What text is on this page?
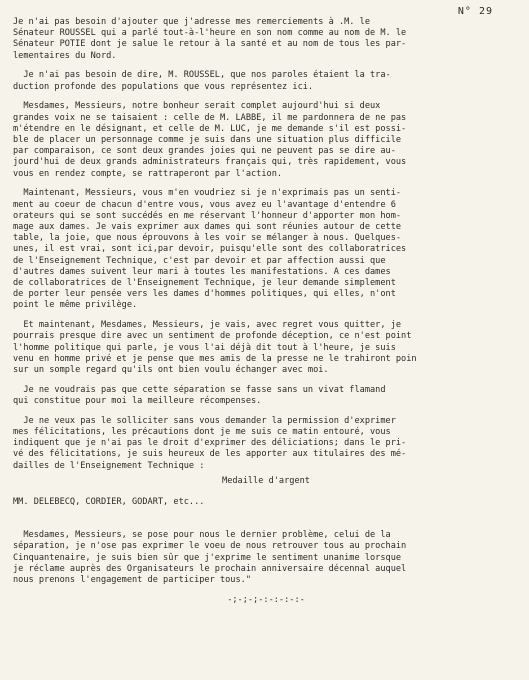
N° 29

Je n'ai pas besoin d'ajouter que j'adresse mes remerciements à .M. le
Sénateur ROUSSEL qui a parlé tout-à-l'heure en son nom comme au nom de M. le
Sénateur POTIE dont je salue le retour à la santé et au nom de tous les par-
lementaires du Nord.

Je n'ai pas besoin de dire, M. ROUSSEL, que nos paroles étaient la tra-
duction profonde des populations que vous représentez ici.

Mesdames, Messieurs, notre bonheur serait complet aujourd'hui si deux
grandes voix ne se taisaient : celle de M. LABBE, il me pardonnera de ne pas
m'étendre en le désignant, et celle de M. LUC, je me demande s'il est possi-
ble de placer un personnage comme je suis dans une situation plus difficile
par comparaison, ce sont deux grandes joies qui ne peuvent pas se dire au-
jourd'hui de deux grands administrateurs français qui, très rapidement, vous
vous en rendez compte, se rattraperont par l'action.

Maintenant, Messieurs, vous m'en voudriez si je n'exprimais pas un senti-
ment au coeur de chacun d'entre vous, vous avez eu l'avantage d'entendre 6
orateurs qui se sont succédés en me réservant l'honneur d'apporter mon hom-
mage aux dames. Je vais exprimer aux dames qui sont réunies autour de cette
table, la joie, que nous éprouvons à les voir se mélanger à nous. Quelques-
unes, il est vrai, sont ici,par devoir, puisqu'elle sont des collaboratrices
de l'Enseignement Technique, c'est par devoir et par affection aussi que
d'autres dames suivent leur mari à toutes les manifestations. A ces dames
de collaboratrices de l'Enseignement Technique, je leur demande simplement
de porter leur pensée vers les dames d'hommes politiques, qui elles, n'ont
point le même privilège.

Et maintenant, Mesdames, Messieurs, je vais, avec regret vous quitter, je
pourrais presque dire avec un sentiment de profonde déception, ce n'est point
l'homme politique qui parle, je vous l'ai déjà dit tout à l'heure, je suis
venu en homme privé et je pense que mes amis de la presse ne le trahiront poin
sur un somple regard qu'ils ont bien voulu échanger avec moi.

Je ne voudrais pas que cette séparation se fasse sans un vivat flamand
qui constitue pour moi la meilleure récompenses.

Je ne veux pas le solliciter sans vous demander la permission d'exprimer
mes félicitations, les précautions dont je me suis ce matin entouré, vous
indiquent que je n'ai pas le droit d'exprimer des déliciations; dans le pri-
vé des félicitations, je suis heureux de les apporter aux titulaires des mé-
dailles de l'Enseignement Technique :

Medaille d'argent
MM. DELEBECQ, CORDIER, GODART, etc...

Mesdames, Messieurs, se pose pour nous le dernier problème, celui de la
séparation, je n'ose pas exprimer le voeu de nous retrouver tous au prochain
Cinquantenaire, je suis bien sûr que j'exprime le sentiment unanime lorsque
je réclame auprès des Organisateurs le prochain anniversaire décennal auquel
nous prenons l'engagement de participer tous."

-;-;-;-:-:-:-:-
